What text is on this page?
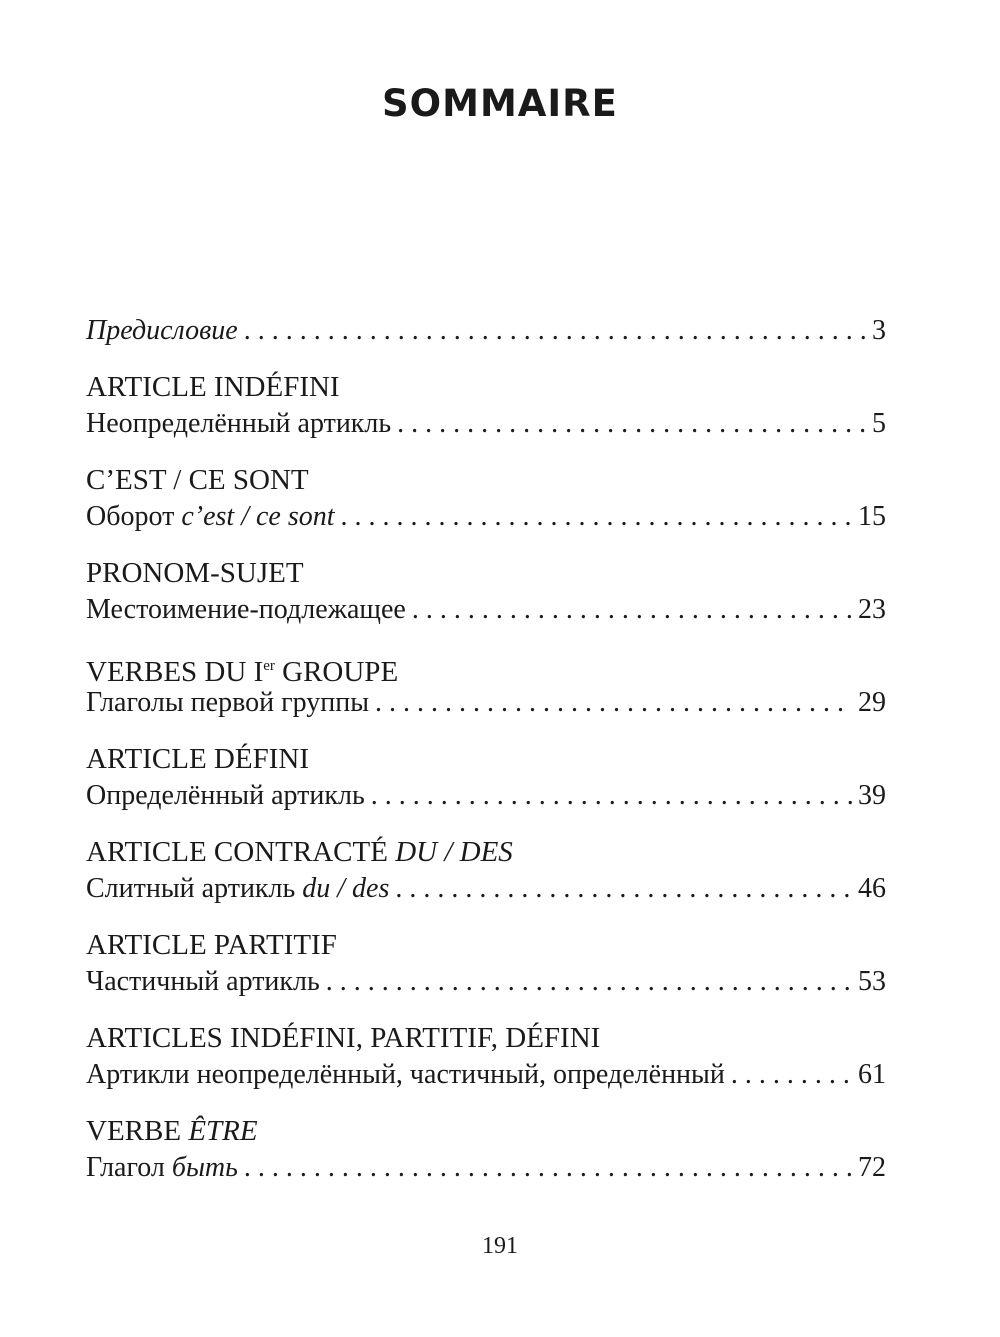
SOMMAIRE
Предисловие . . .	3
ARTICLE INDÉFINI
Неопределённый артикль . . .	5
C’EST / CE SONT
Оборот c’est / ce sont . . .	15
PRONOM-SUJET
Местоимение-подлежащее . . .	23
VERBES DU Ier GROUPE
Глаголы первой группы . . .	29
ARTICLE DÉFINI
Определённый артикль . . .	39
ARTICLE CONTRACTÉ DU / DES
Слитный артикль du / des . . .	46
ARTICLE PARTITIF
Частичный артикль . . .	53
ARTICLES INDÉFINI, PARTITIF, DÉFINI
Артикли неопределённый, частичный, определённый . . .	61
VERBE ÊTRE
Глагол быть . . .	72
191
